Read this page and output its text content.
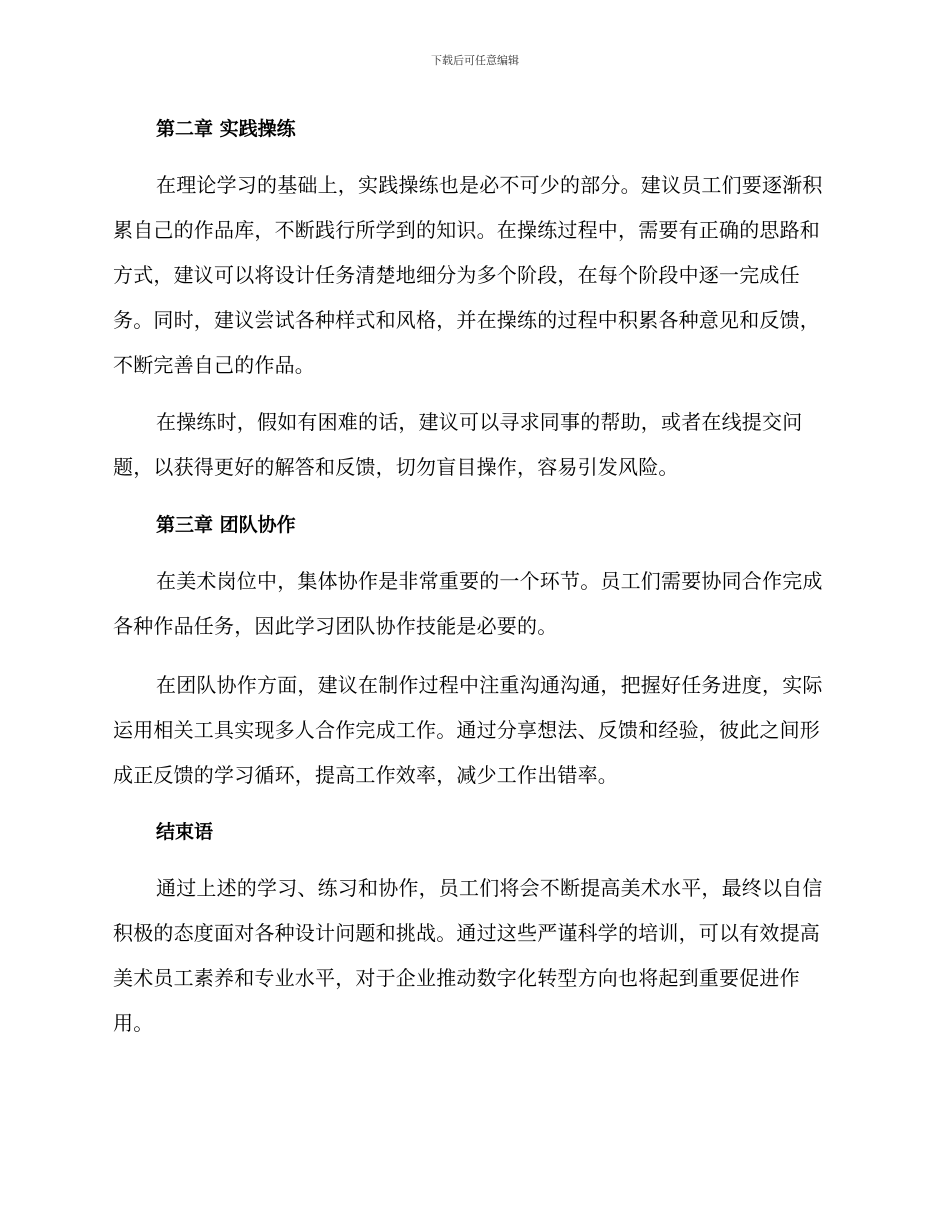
下载后可任意编辑
第二章 实践操练

在理论学习的基础上，实践操练也是必不可少的部分。建议员工们要逐渐积累自己的作品库，不断践行所学到的知识。在操练过程中，需要有正确的思路和方式，建议可以将设计任务清楚地细分为多个阶段，在每个阶段中逐一完成任务。同时，建议尝试各种样式和风格，并在操练的过程中积累各种意见和反馈，不断完善自己的作品。

在操练时，假如有困难的话，建议可以寻求同事的帮助，或者在线提交问题，以获得更好的解答和反馈，切勿盲目操作，容易引发风险。

第三章 团队协作

在美术岗位中，集体协作是非常重要的一个环节。员工们需要协同合作完成各种作品任务，因此学习团队协作技能是必要的。

在团队协作方面，建议在制作过程中注重沟通沟通，把握好任务进度，实际运用相关工具实现多人合作完成工作。通过分享想法、反馈和经验，彼此之间形成正反馈的学习循环，提高工作效率，减少工作出错率。

结束语

通过上述的学习、练习和协作，员工们将会不断提高美术水平，最终以自信积极的态度面对各种设计问题和挑战。通过这些严谨科学的培训，可以有效提高美术员工素养和专业水平，对于企业推动数字化转型方向也将起到重要促进作用。
